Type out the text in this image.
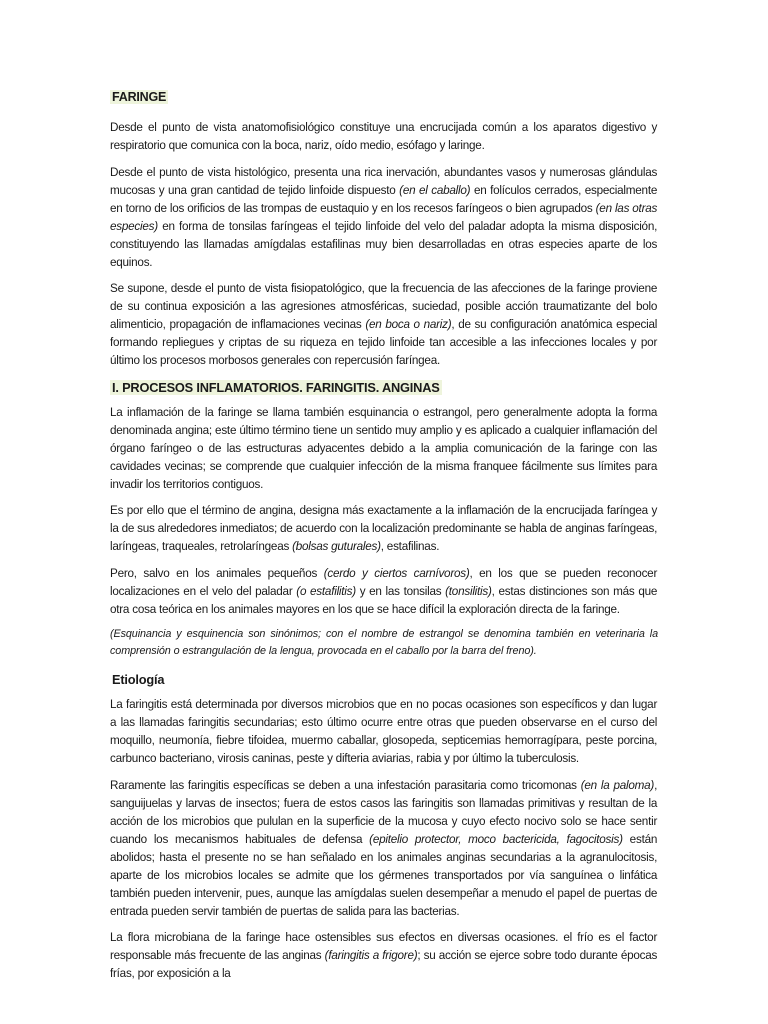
FARINGE

Desde el punto de vista anatomofisiológico constituye una encrucijada común a los aparatos digestivo y respiratorio que comunica con la boca, nariz, oído medio, esófago y laringe.

Desde el punto de vista histológico, presenta una rica inervación, abundantes vasos y numerosas glándulas mucosas y una gran cantidad de tejido linfoide dispuesto (en el caballo) en folículos cerrados, especialmente en torno de los orificios de las trompas de eustaquio y en los recesos faríngeos o bien agrupados (en las otras especies) en forma de tonsilas faríngeas el tejido linfoide del velo del paladar adopta la misma disposición, constituyendo las llamadas amígdalas estafilinas muy bien desarrolladas en otras especies aparte de los equinos.

Se supone, desde el punto de vista fisiopatológico, que la frecuencia de las afecciones de la faringe proviene de su continua exposición a las agresiones atmosféricas, suciedad, posible acción traumatizante del bolo alimenticio, propagación de inflamaciones vecinas (en boca o nariz), de su configuración anatómica especial formando repliegues y criptas de su riqueza en tejido linfoide tan accesible a las infecciones locales y por último los procesos morbosos generales con repercusión faríngea.

I. PROCESOS INFLAMATORIOS. FARINGITIS. ANGINAS

La inflamación de la faringe se llama también esquinancia o estrangol, pero generalmente adopta la forma denominada angina; este último término tiene un sentido muy amplio y es aplicado a cualquier inflamación del órgano faríngeo o de las estructuras adyacentes debido a la amplia comunicación de la faringe con las cavidades vecinas; se comprende que cualquier infección de la misma franquee fácilmente sus límites para invadir los territorios contiguos.

Es por ello que el término de angina, designa más exactamente a la inflamación de la encrucijada faríngea y la de sus alrededores inmediatos; de acuerdo con la localización predominante se habla de anginas faríngeas, laríngeas, traqueales, retrolaríngeas (bolsas guturales), estafilinas.

Pero, salvo en los animales pequeños (cerdo y ciertos carnívoros), en los que se pueden reconocer localizaciones en el velo del paladar (o estafilitis) y en las tonsilas (tonsilitis), estas distinciones son más que otra cosa teórica en los animales mayores en los que se hace difícil la exploración directa de la faringe.

(Esquinancia y esquinencia son sinónimos; con el nombre de estrangol se denomina también en veterinaria la comprensión o estrangulación de la lengua, provocada en el caballo por la barra del freno).

Etiología

La faringitis está determinada por diversos microbios que en no pocas ocasiones son específicos y dan lugar a las llamadas faringitis secundarias; esto último ocurre entre otras que pueden observarse en el curso del moquillo, neumonía, fiebre tifoidea, muermo caballar, glosopeda, septicemias hemorragípara, peste porcina, carbunco bacteriano, virosis caninas, peste y difteria aviarias, rabia y por último la tuberculosis.

Raramente las faringitis específicas se deben a una infestación parasitaria como tricomonas (en la paloma), sanguijuelas y larvas de insectos; fuera de estos casos las faringitis son llamadas primitivas y resultan de la acción de los microbios que pululan en la superficie de la mucosa y cuyo efecto nocivo solo se hace sentir cuando los mecanismos habituales de defensa (epitelio protector, moco bactericida, fagocitosis) están abolidos; hasta el presente no se han señalado en los animales anginas secundarias a la agranulocitosis, aparte de los microbios locales se admite que los gérmenes transportados por vía sanguínea o linfática también pueden intervenir, pues, aunque las amígdalas suelen desempeñar a menudo el papel de puertas de entrada pueden servir también de puertas de salida para las bacterias.

La flora microbiana de la faringe hace ostensibles sus efectos en diversas ocasiones. el frío es el factor responsable más frecuente de las anginas (faringitis a frigore); su acción se ejerce sobre todo durante épocas frías, por exposición a la
